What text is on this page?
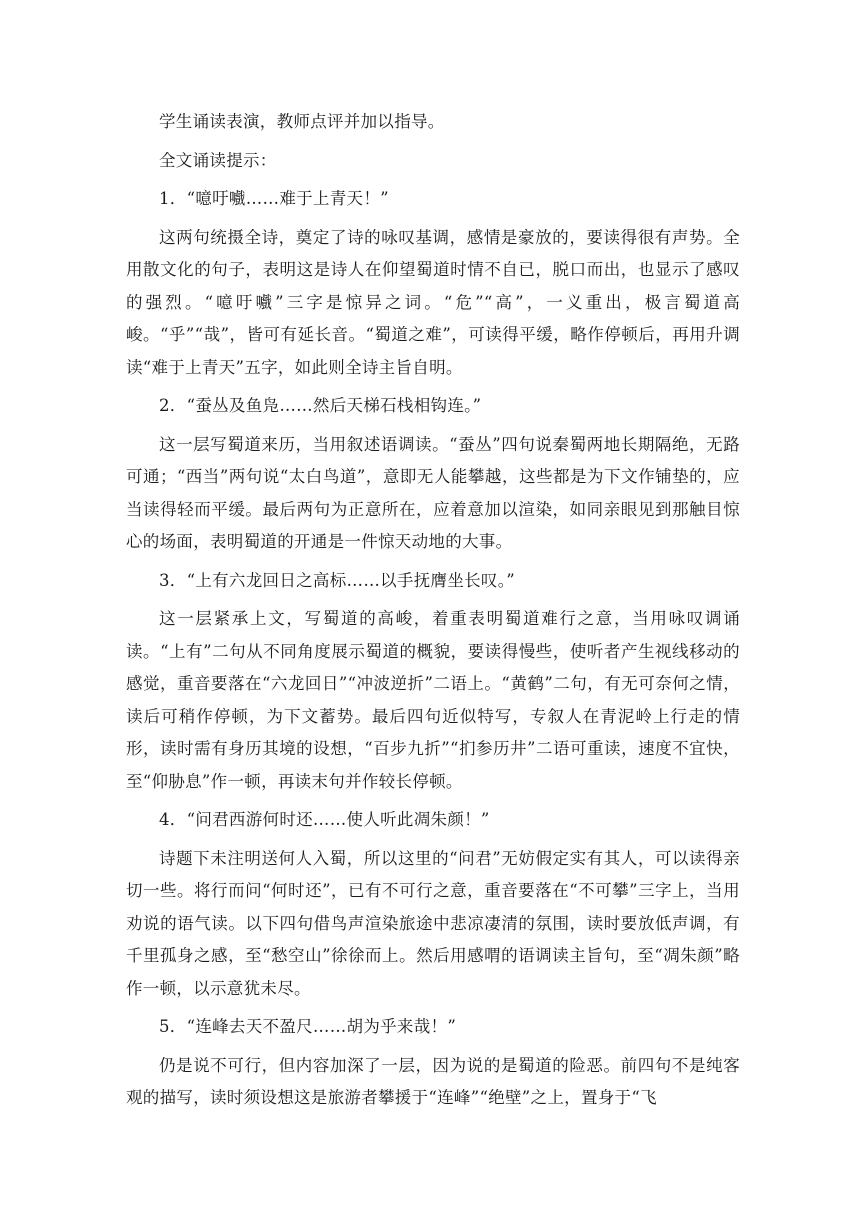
学生诵读表演，教师点评并加以指导。

全文诵读提示：

1．“噫吁嚱……难于上青天！”

这两句统摄全诗，奠定了诗的咏叹基调，感情是豪放的，要读得很有声势。全用散文化的句子，表明这是诗人在仰望蜀道时情不自已，脱口而出，也显示了感叹的强烈。“噫吁嚱”三字是惊异之词。“危”“高”，一义重出，极言蜀道高峻。“乎”“哉”，皆可有延长音。“蜀道之难”，可读得平缓，略作停顿后，再用升调读“难于上青天”五字，如此则全诗主旨自明。

2．“蚕丛及鱼凫……然后天梯石栈相钩连。”

这一层写蜀道来历，当用叙述语调读。“蚕丛”四句说秦蜀两地长期隔绝，无路可通；“西当”两句说“太白鸟道”，意即无人能攀越，这些都是为下文作铺垫的，应当读得轻而平缓。最后两句为正意所在，应着意加以渲染，如同亲眼见到那触目惊心的场面，表明蜀道的开通是一件惊天动地的大事。

3．“上有六龙回日之高标……以手抚膺坐长叹。”

这一层紧承上文，写蜀道的高峻，着重表明蜀道难行之意，当用咏叹调诵读。“上有”二句从不同角度展示蜀道的概貌，要读得慢些，使听者产生视线移动的感觉，重音要落在“六龙回日”“冲波逆折”二语上。“黄鹤”二句，有无可奈何之情，读后可稍作停顿，为下文蓄势。最后四句近似特写，专叙人在青泥岭上行走的情形，读时需有身历其境的设想，“百步九折”“扪参历井”二语可重读，速度不宜快，至“仰胁息”作一顿，再读末句并作较长停顿。

4．“问君西游何时还……使人听此凋朱颜！”

诗题下未注明送何人入蜀，所以这里的“问君”无妨假定实有其人，可以读得亲切一些。将行而问“何时还”，已有不可行之意，重音要落在“不可攀”三字上，当用劝说的语气读。以下四句借鸟声渲染旅途中悲凉凄清的氛围，读时要放低声调，有千里孤身之感，至“愁空山”徐徐而上。然后用感喟的语调读主旨句，至“凋朱颜”略作一顿，以示意犹未尽。

5．“连峰去天不盈尺……胡为乎来哉！”

仍是说不可行，但内容加深了一层，因为说的是蜀道的险恶。前四句不是纯客观的描写，读时须设想这是旅游者攀援于“连峰”“绝壁”之上，置身于“飞
